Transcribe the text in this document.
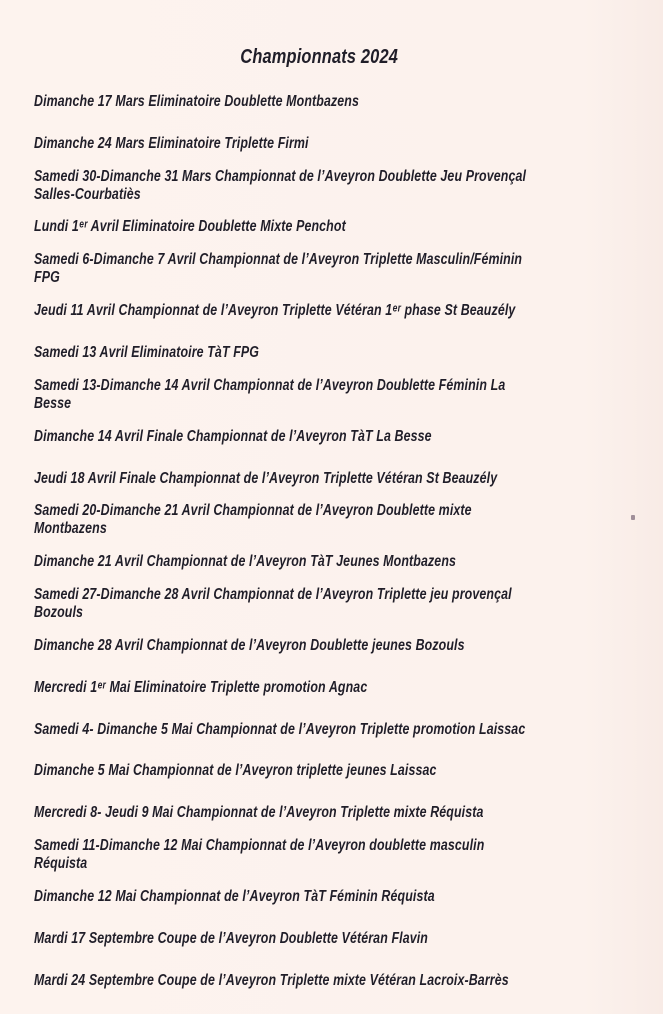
Championnats 2024
Dimanche 17 Mars Eliminatoire Doublette Montbazens
Dimanche 24 Mars Eliminatoire Triplette Firmi
Samedi 30-Dimanche 31 Mars Championnat de l’Aveyron Doublette Jeu Provençal   Salles-Courbatiès
Lundi 1ᵉʳ Avril Eliminatoire Doublette Mixte Penchot
Samedi 6-Dimanche 7 Avril Championnat de l’Aveyron Triplette Masculin/Féminin FPG
Jeudi 11 Avril Championnat de l’Aveyron Triplette Vétéran 1ᵉʳ phase St Beauzély
Samedi 13 Avril Eliminatoire TàT FPG
Samedi 13-Dimanche 14 Avril Championnat de l’Aveyron Doublette Féminin La Besse
Dimanche 14 Avril Finale Championnat de l’Aveyron TàT La Besse
Jeudi 18 Avril Finale Championnat de l’Aveyron Triplette Vétéran St Beauzély
Samedi 20-Dimanche 21 Avril Championnat de l’Aveyron Doublette mixte Montbazens
Dimanche 21 Avril Championnat de l’Aveyron TàT Jeunes Montbazens
Samedi 27-Dimanche 28 Avril Championnat de l’Aveyron Triplette jeu provençal Bozouls
Dimanche 28 Avril Championnat de l’Aveyron Doublette jeunes Bozouls
Mercredi 1ᵉʳ Mai Eliminatoire Triplette promotion Agnac
Samedi 4- Dimanche 5 Mai Championnat de l’Aveyron Triplette promotion Laissac
Dimanche 5 Mai Championnat de l’Aveyron triplette jeunes Laissac
Mercredi 8- Jeudi 9 Mai Championnat de l’Aveyron Triplette mixte Réquista
Samedi 11-Dimanche 12 Mai Championnat de l’Aveyron doublette masculin Réquista
Dimanche 12 Mai Championnat de l’Aveyron TàT Féminin Réquista
Mardi 17 Septembre Coupe de l’Aveyron Doublette Vétéran Flavin
Mardi 24 Septembre Coupe de l’Aveyron Triplette mixte Vétéran Lacroix-Barrès
